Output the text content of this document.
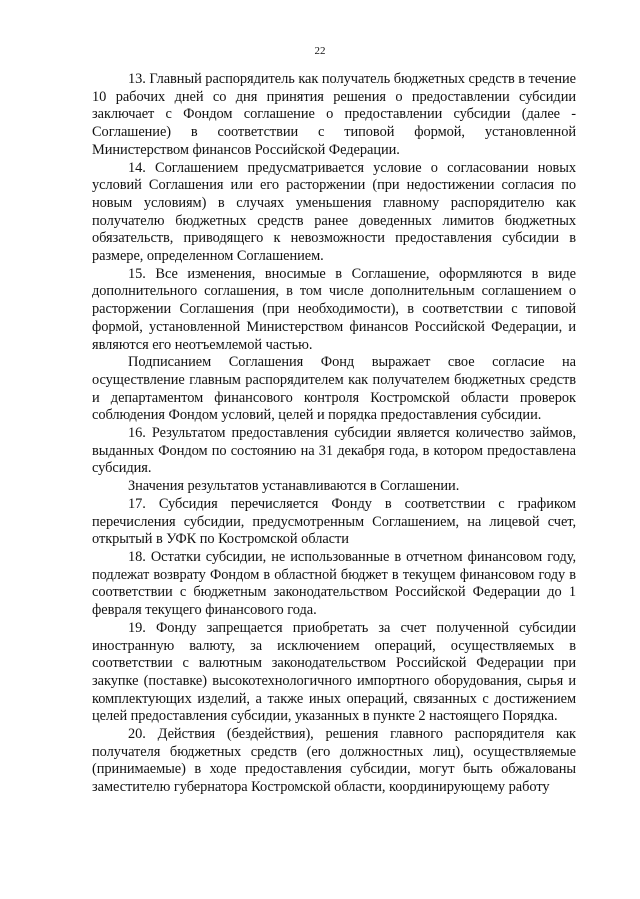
22

13. Главный распорядитель как получатель бюджетных средств в течение 10 рабочих дней со дня принятия решения о предоставлении субсидии заключает с Фондом соглашение о предоставлении субсидии (далее - Соглашение) в соответствии с типовой формой, установленной Министерством финансов Российской Федерации.

14. Соглашением предусматривается условие о согласовании новых условий Соглашения или его расторжении (при недостижении согласия по новым условиям) в случаях уменьшения главному распорядителю как получателю бюджетных средств ранее доведенных лимитов бюджетных обязательств, приводящего к невозможности предоставления субсидии в размере, определенном Соглашением.

15. Все изменения, вносимые в Соглашение, оформляются в виде дополнительного соглашения, в том числе дополнительным соглашением о расторжении Соглашения (при необходимости), в соответствии с типовой формой, установленной Министерством финансов Российской Федерации, и являются его неотъемлемой частью.

Подписанием Соглашения Фонд выражает свое согласие на осуществление главным распорядителем как получателем бюджетных средств и департаментом финансового контроля Костромской области проверок соблюдения Фондом условий, целей и порядка предоставления субсидии.

16. Результатом предоставления субсидии является количество займов, выданных Фондом по состоянию на 31 декабря года, в котором предоставлена субсидия.

Значения результатов устанавливаются в Соглашении.

17. Субсидия перечисляется Фонду в соответствии с графиком перечисления субсидии, предусмотренным Соглашением, на лицевой счет, открытый в УФК по Костромской области

18. Остатки субсидии, не использованные в отчетном финансовом году, подлежат возврату Фондом в областной бюджет в текущем финансовом году в соответствии с бюджетным законодательством Российской Федерации до 1 февраля текущего финансового года.

19. Фонду запрещается приобретать за счет полученной субсидии иностранную валюту, за исключением операций, осуществляемых в соответствии с валютным законодательством Российской Федерации при закупке (поставке) высокотехнологичного импортного оборудования, сырья и комплектующих изделий, а также иных операций, связанных с достижением целей предоставления субсидии, указанных в пункте 2 настоящего Порядка.

20. Действия (бездействия), решения главного распорядителя как получателя бюджетных средств (его должностных лиц), осуществляемые (принимаемые) в ходе предоставления субсидии, могут быть обжалованы заместителю губернатора Костромской области, координирующему работу
